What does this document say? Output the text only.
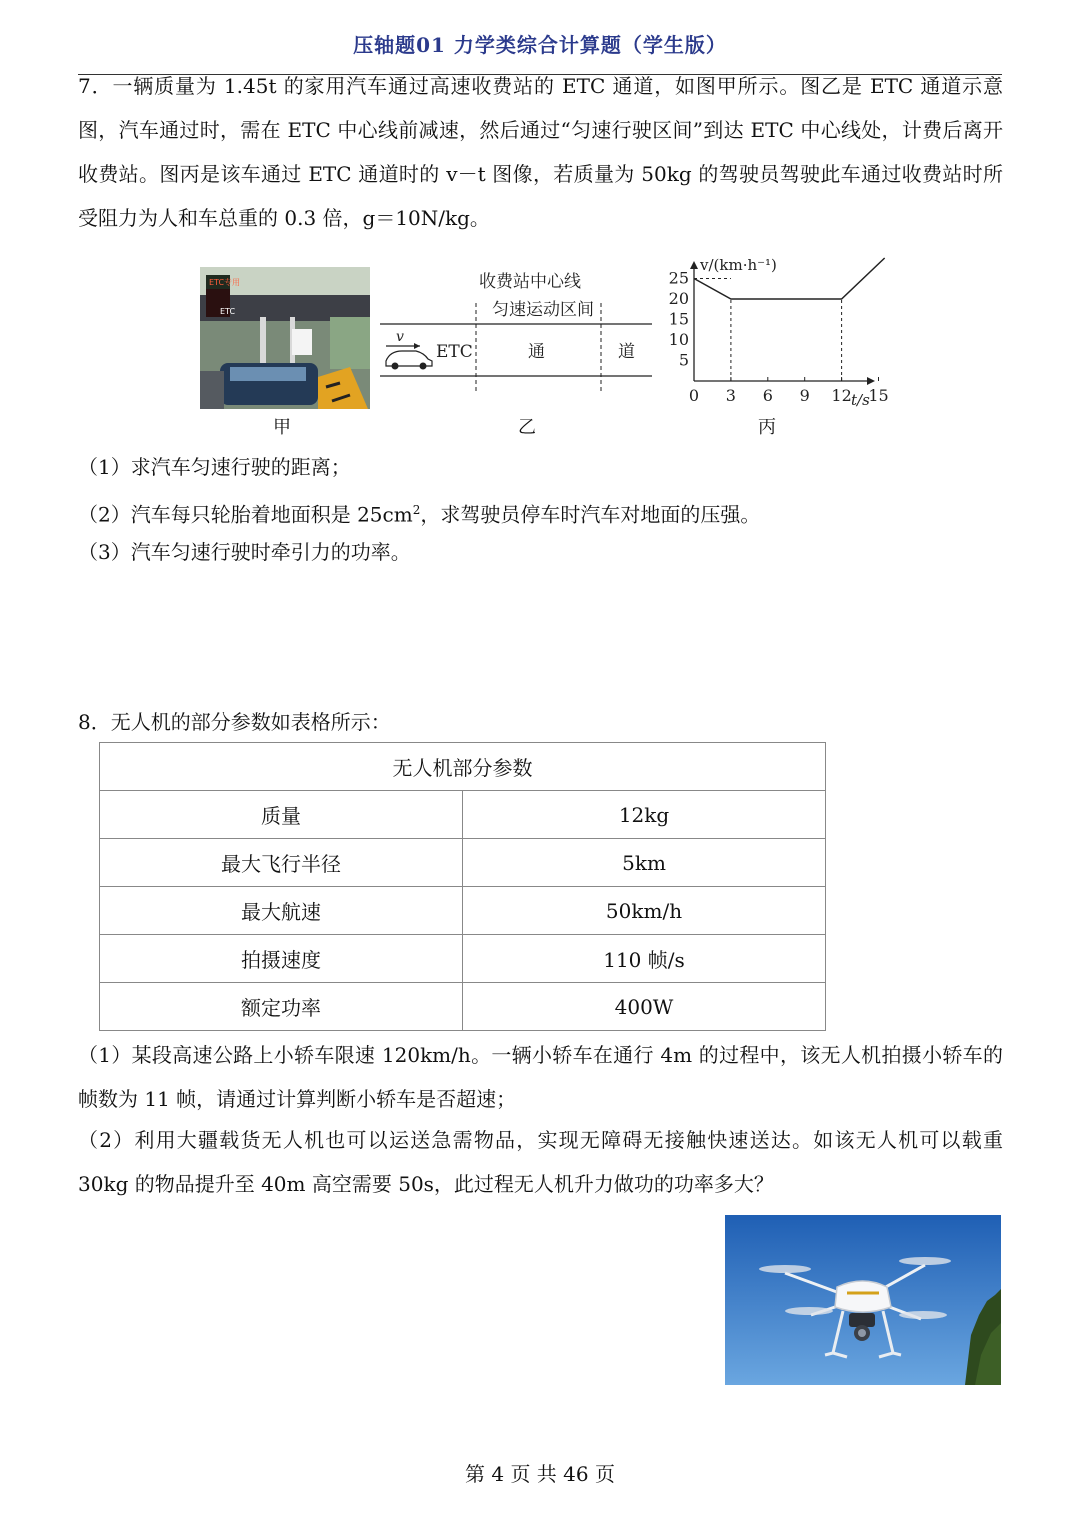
压轴题01 力学类综合计算题（学生版）

7．一辆质量为 1.45t 的家用汽车通过高速收费站的 ETC 通道，如图甲所示。图乙是 ETC 通道示意图，汽车通过时，需在 ETC 中心线前减速，然后通过“匀速行驶区间”到达 ETC 中心线处，计费后离开收费站。图丙是该车通过 ETC 通道时的 v－t 图像，若质量为 50kg 的驾驶员驾驶此车通过收费站时所受阻力为人和车总重的 0.3 倍，g＝10N/kg。

ETC专用
ETC
收费站中心线
匀速运动区间
v
ETC	通	道
0 3 6 9 12 15
5
10
15
20
25
v/(km·h⁻¹)
t/s
甲	乙	丙
（1）求汽车匀速行驶的距离；
（2）汽车每只轮胎着地面积是 $25cm^2$，求驾驶员停车时汽车对地面的压强。
（3）汽车匀速行驶时牵引力的功率。
8．无人机的部分参数如表格所示：
无人机部分参数	
质量	12kg
最大飞行半径	5km
最大航速	50km/h
拍摄速度	110 帧/s
额定功率	400W

（1）某段高速公路上小轿车限速 120km/h。一辆小轿车在通行 4m 的过程中，该无人机拍摄小轿车的帧数为 11 帧，请通过计算判断小轿车是否超速；

（2）利用大疆载货无人机也可以运送急需物品，实现无障碍无接触快速送达。如该无人机可以载重 30kg 的物品提升至 40m 高空需要 50s，此过程无人机升力做功的功率多大？

第 4 页 共 46 页
